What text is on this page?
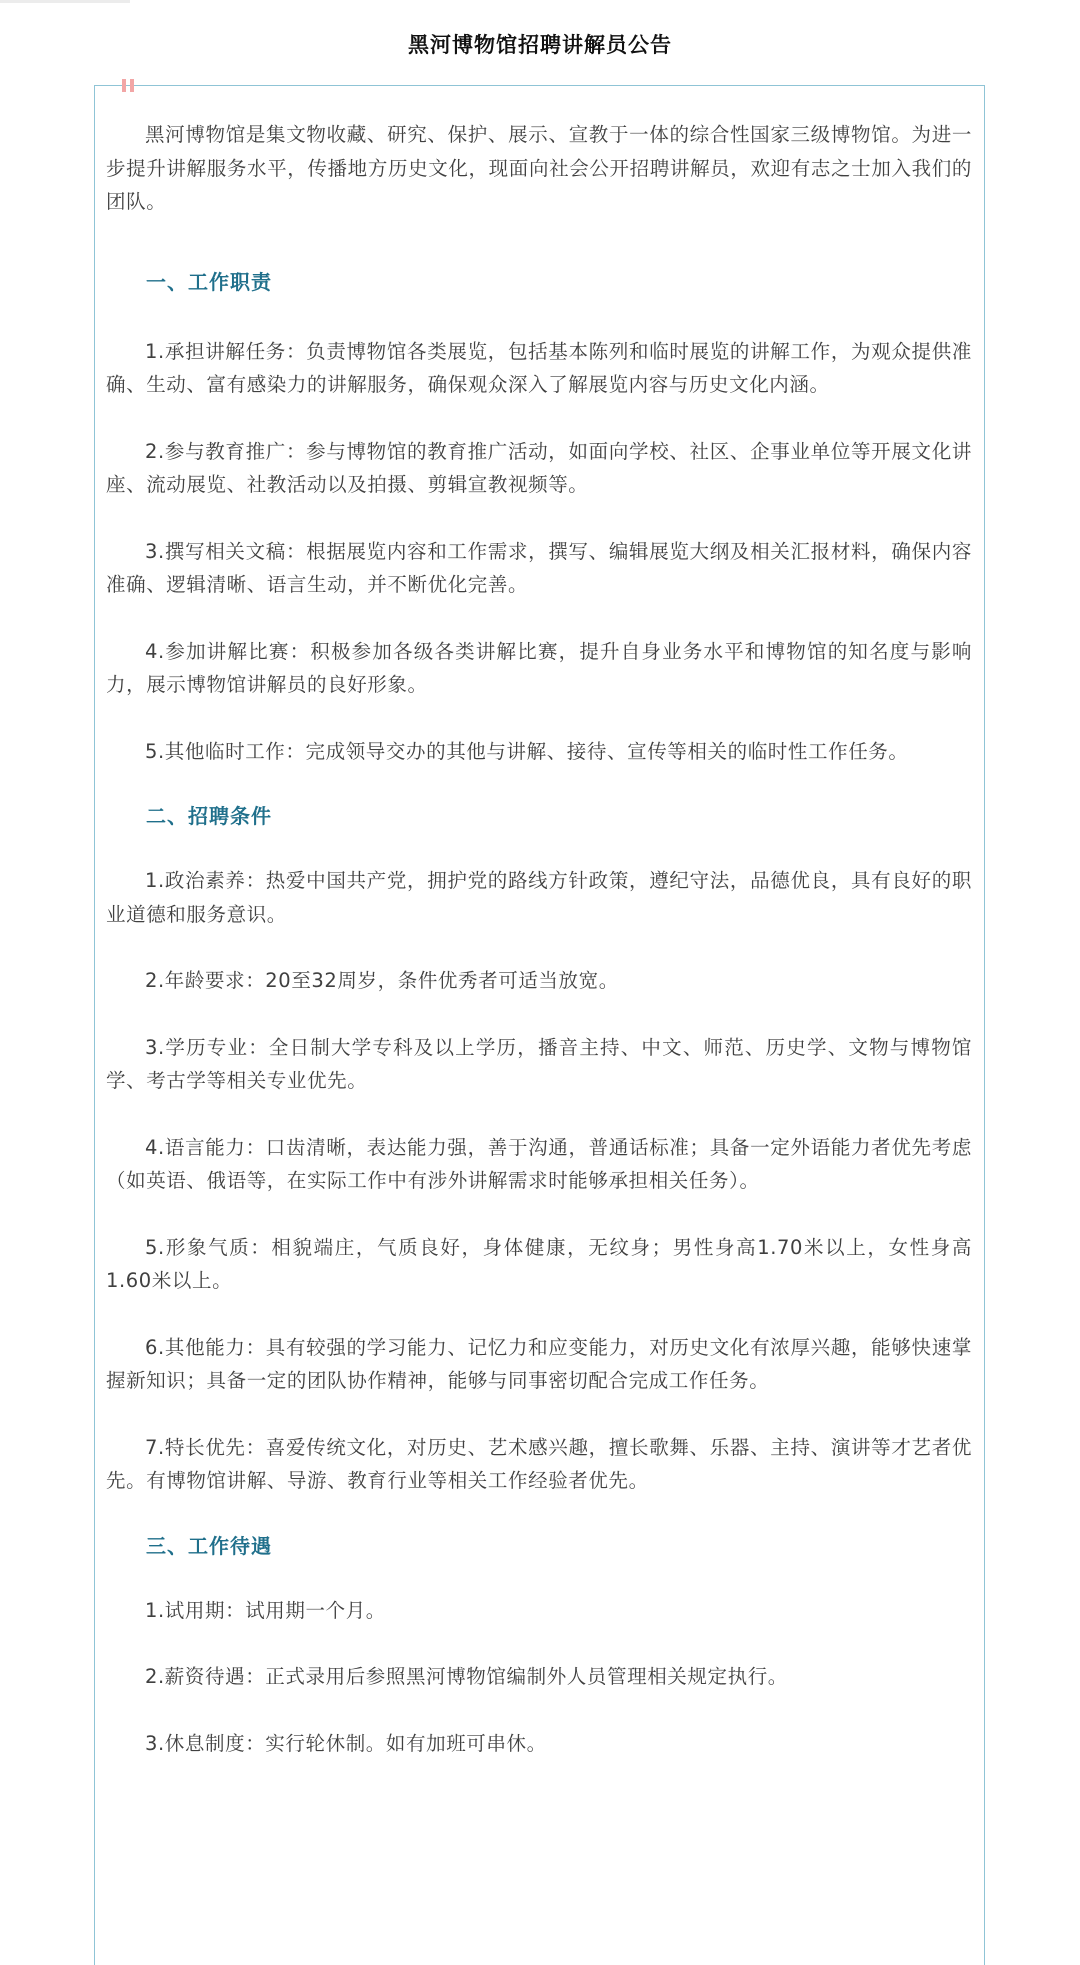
黑河博物馆招聘讲解员公告

黑河博物馆是集文物收藏、研究、保护、展示、宣教于一体的综合性国家三级博物馆。为进一步提升讲解服务水平，传播地方历史文化，现面向社会公开招聘讲解员，欢迎有志之士加入我们的团队。

一、工作职责

1.承担讲解任务：负责博物馆各类展览，包括基本陈列和临时展览的讲解工作，为观众提供准确、生动、富有感染力的讲解服务，确保观众深入了解展览内容与历史文化内涵。

2.参与教育推广：参与博物馆的教育推广活动，如面向学校、社区、企事业单位等开展文化讲座、流动展览、社教活动以及拍摄、剪辑宣教视频等。

3.撰写相关文稿：根据展览内容和工作需求，撰写、编辑展览大纲及相关汇报材料，确保内容准确、逻辑清晰、语言生动，并不断优化完善。

4.参加讲解比赛：积极参加各级各类讲解比赛，提升自身业务水平和博物馆的知名度与影响力，展示博物馆讲解员的良好形象。

5.其他临时工作：完成领导交办的其他与讲解、接待、宣传等相关的临时性工作任务。

二、招聘条件

1.政治素养：热爱中国共产党，拥护党的路线方针政策，遵纪守法，品德优良，具有良好的职业道德和服务意识。

2.年龄要求：20至32周岁，条件优秀者可适当放宽。

3.学历专业：全日制大学专科及以上学历，播音主持、中文、师范、历史学、文物与博物馆学、考古学等相关专业优先。

4.语言能力：口齿清晰，表达能力强，善于沟通，普通话标准；具备一定外语能力者优先考虑（如英语、俄语等，在实际工作中有涉外讲解需求时能够承担相关任务）。

5.形象气质：相貌端庄，气质良好，身体健康，无纹身；男性身高1.70米以上，女性身高1.60米以上。

6.其他能力：具有较强的学习能力、记忆力和应变能力，对历史文化有浓厚兴趣，能够快速掌握新知识；具备一定的团队协作精神，能够与同事密切配合完成工作任务。

7.特长优先：喜爱传统文化，对历史、艺术感兴趣，擅长歌舞、乐器、主持、演讲等才艺者优先。有博物馆讲解、导游、教育行业等相关工作经验者优先。

三、工作待遇

1.试用期：试用期一个月。

2.薪资待遇：正式录用后参照黑河博物馆编制外人员管理相关规定执行。

3.休息制度：实行轮休制。如有加班可串休。
